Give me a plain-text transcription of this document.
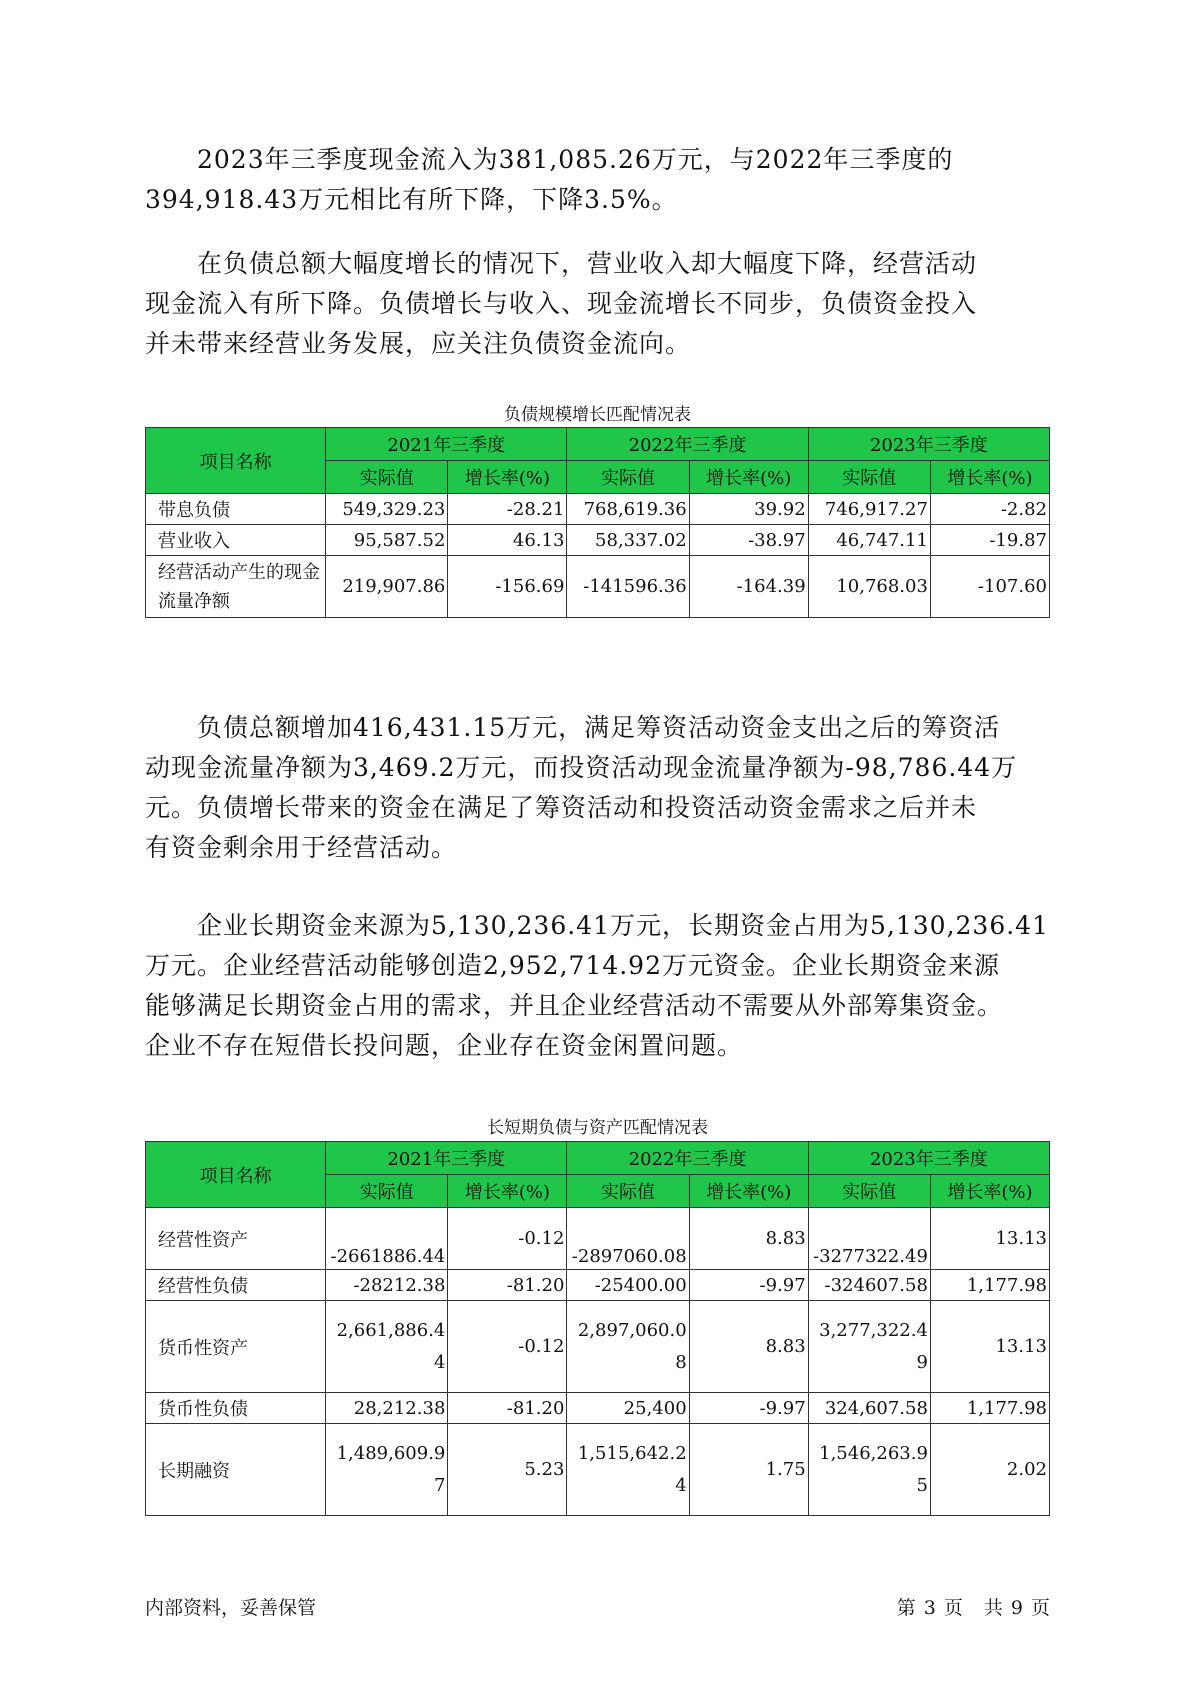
2023年三季度现金流入为381,085.26万元，与2022年三季度的
394,918.43万元相比有所下降，下降3.5%。
在负债总额大幅度增长的情况下，营业收入却大幅度下降，经营活动
现金流入有所下降。负债增长与收入、现金流增长不同步，负债资金投入
并未带来经营业务发展，应关注负债资金流向。
负债规模增长匹配情况表
项目名称	2021年三季度		2022年三季度		2023年三季度	
	实际值	增长率(%)	实际值	增长率(%)	实际值	增长率(%)
带息负债	549,329.23	-28.21	768,619.36	39.92	746,917.27	-2.82
营业收入	95,587.52	46.13	58,337.02	-38.97	46,747.11	-19.87
经营活动产生的现金流量净额	219,907.86	-156.69	-141596.36	-164.39	10,768.03	-107.60
负债总额增加416,431.15万元，满足筹资活动资金支出之后的筹资活
动现金流量净额为3,469.2万元，而投资活动现金流量净额为-98,786.44万
元。负债增长带来的资金在满足了筹资活动和投资活动资金需求之后并未
有资金剩余用于经营活动。
企业长期资金来源为5,130,236.41万元，长期资金占用为5,130,236.41
万元。企业经营活动能够创造2,952,714.92万元资金。企业长期资金来源
能够满足长期资金占用的需求，并且企业经营活动不需要从外部筹集资金。
企业不存在短借长投问题，企业存在资金闲置问题。
长短期负债与资产匹配情况表
项目名称	2021年三季度		2022年三季度		2023年三季度	
	实际值	增长率(%)	实际值	增长率(%)	实际值	增长率(%)
经营性资产	-2661886.44	-0.12	-2897060.08	8.83	-3277322.49	13.13
经营性负债	-28212.38	-81.20	-25400.00	-9.97	-324607.58	1,177.98
货币性资产	2,661,886.44	-0.12	2,897,060.08	8.83	3,277,322.49	13.13
货币性负债	28,212.38	-81.20	25,400	-9.97	324,607.58	1,177.98
长期融资	1,489,609.97	5.23	1,515,642.24	1.75	1,546,263.95	2.02
内部资料，妥善保管	第 3 页　共 9 页
